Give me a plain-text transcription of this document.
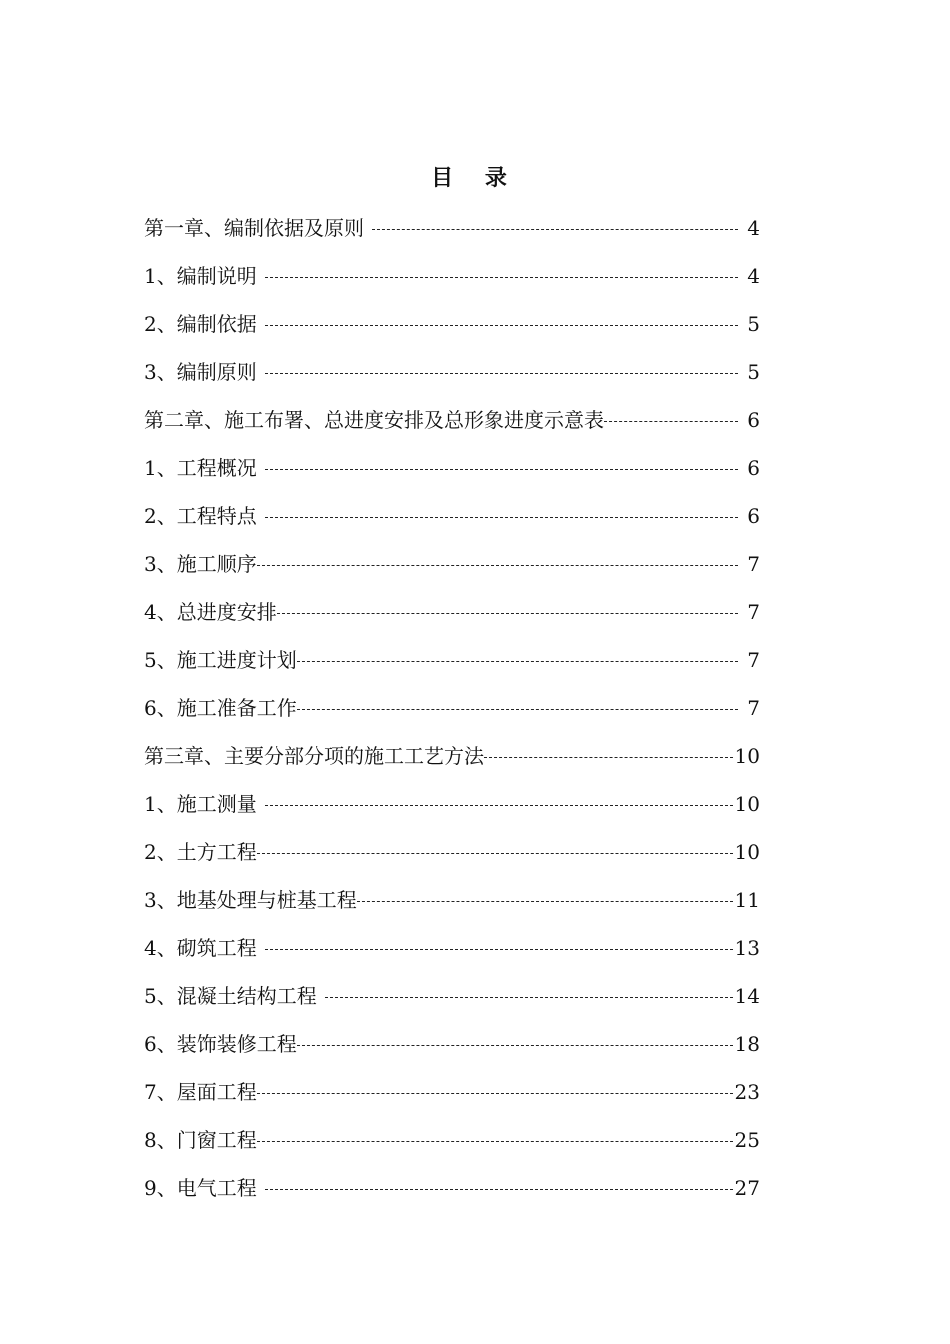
目 录
第一章、编制依据及原则	4
1、编制说明	4
2、编制依据	5
3、编制原则	5
第二章、施工布署、总进度安排及总形象进度示意表	6
1、工程概况	6
2、工程特点	6
3、施工顺序	7
4、总进度安排	7
5、施工进度计划	7
6、施工准备工作	7
第三章、主要分部分项的施工工艺方法	10
1、施工测量	10
2、土方工程	10
3、地基处理与桩基工程	11
4、砌筑工程	13
5、混凝土结构工程	14
6、装饰装修工程	18
7、屋面工程	23
8、门窗工程	25
9、电气工程	27
